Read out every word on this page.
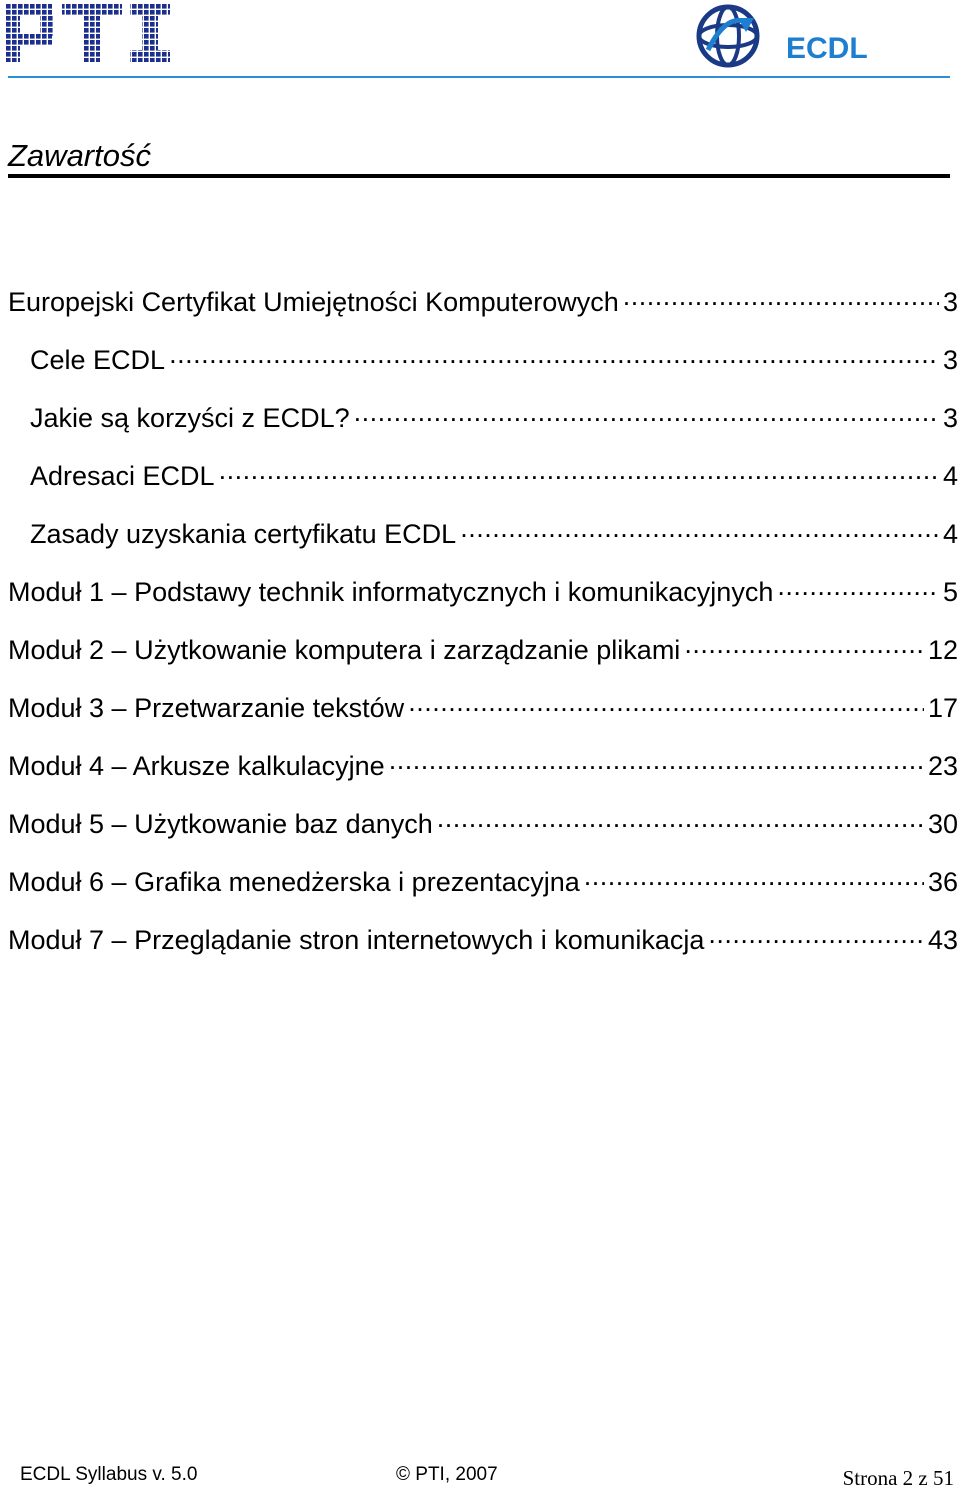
ECDL
Zawartość
Europejski Certyfikat Umiejętności Komputerowych .....	3
Cele ECDL .....	3
Jakie są korzyści z ECDL? .....	3
Adresaci ECDL .....	4
Zasady uzyskania certyfikatu ECDL .....	4
Moduł 1 – Podstawy technik informatycznych i komunikacyjnych .....	5
Moduł 2 – Użytkowanie komputera i zarządzanie plikami .....	12
Moduł 3 – Przetwarzanie tekstów .....	17
Moduł 4 – Arkusze kalkulacyjne .....	23
Moduł 5 – Użytkowanie baz danych .....	30
Moduł 6 – Grafika menedżerska i prezentacyjna .....	36
Moduł 7 – Przeglądanie stron internetowych i komunikacja .....	43
ECDL Syllabus v. 5.0	© PTI, 2007	Strona 2 z 51
